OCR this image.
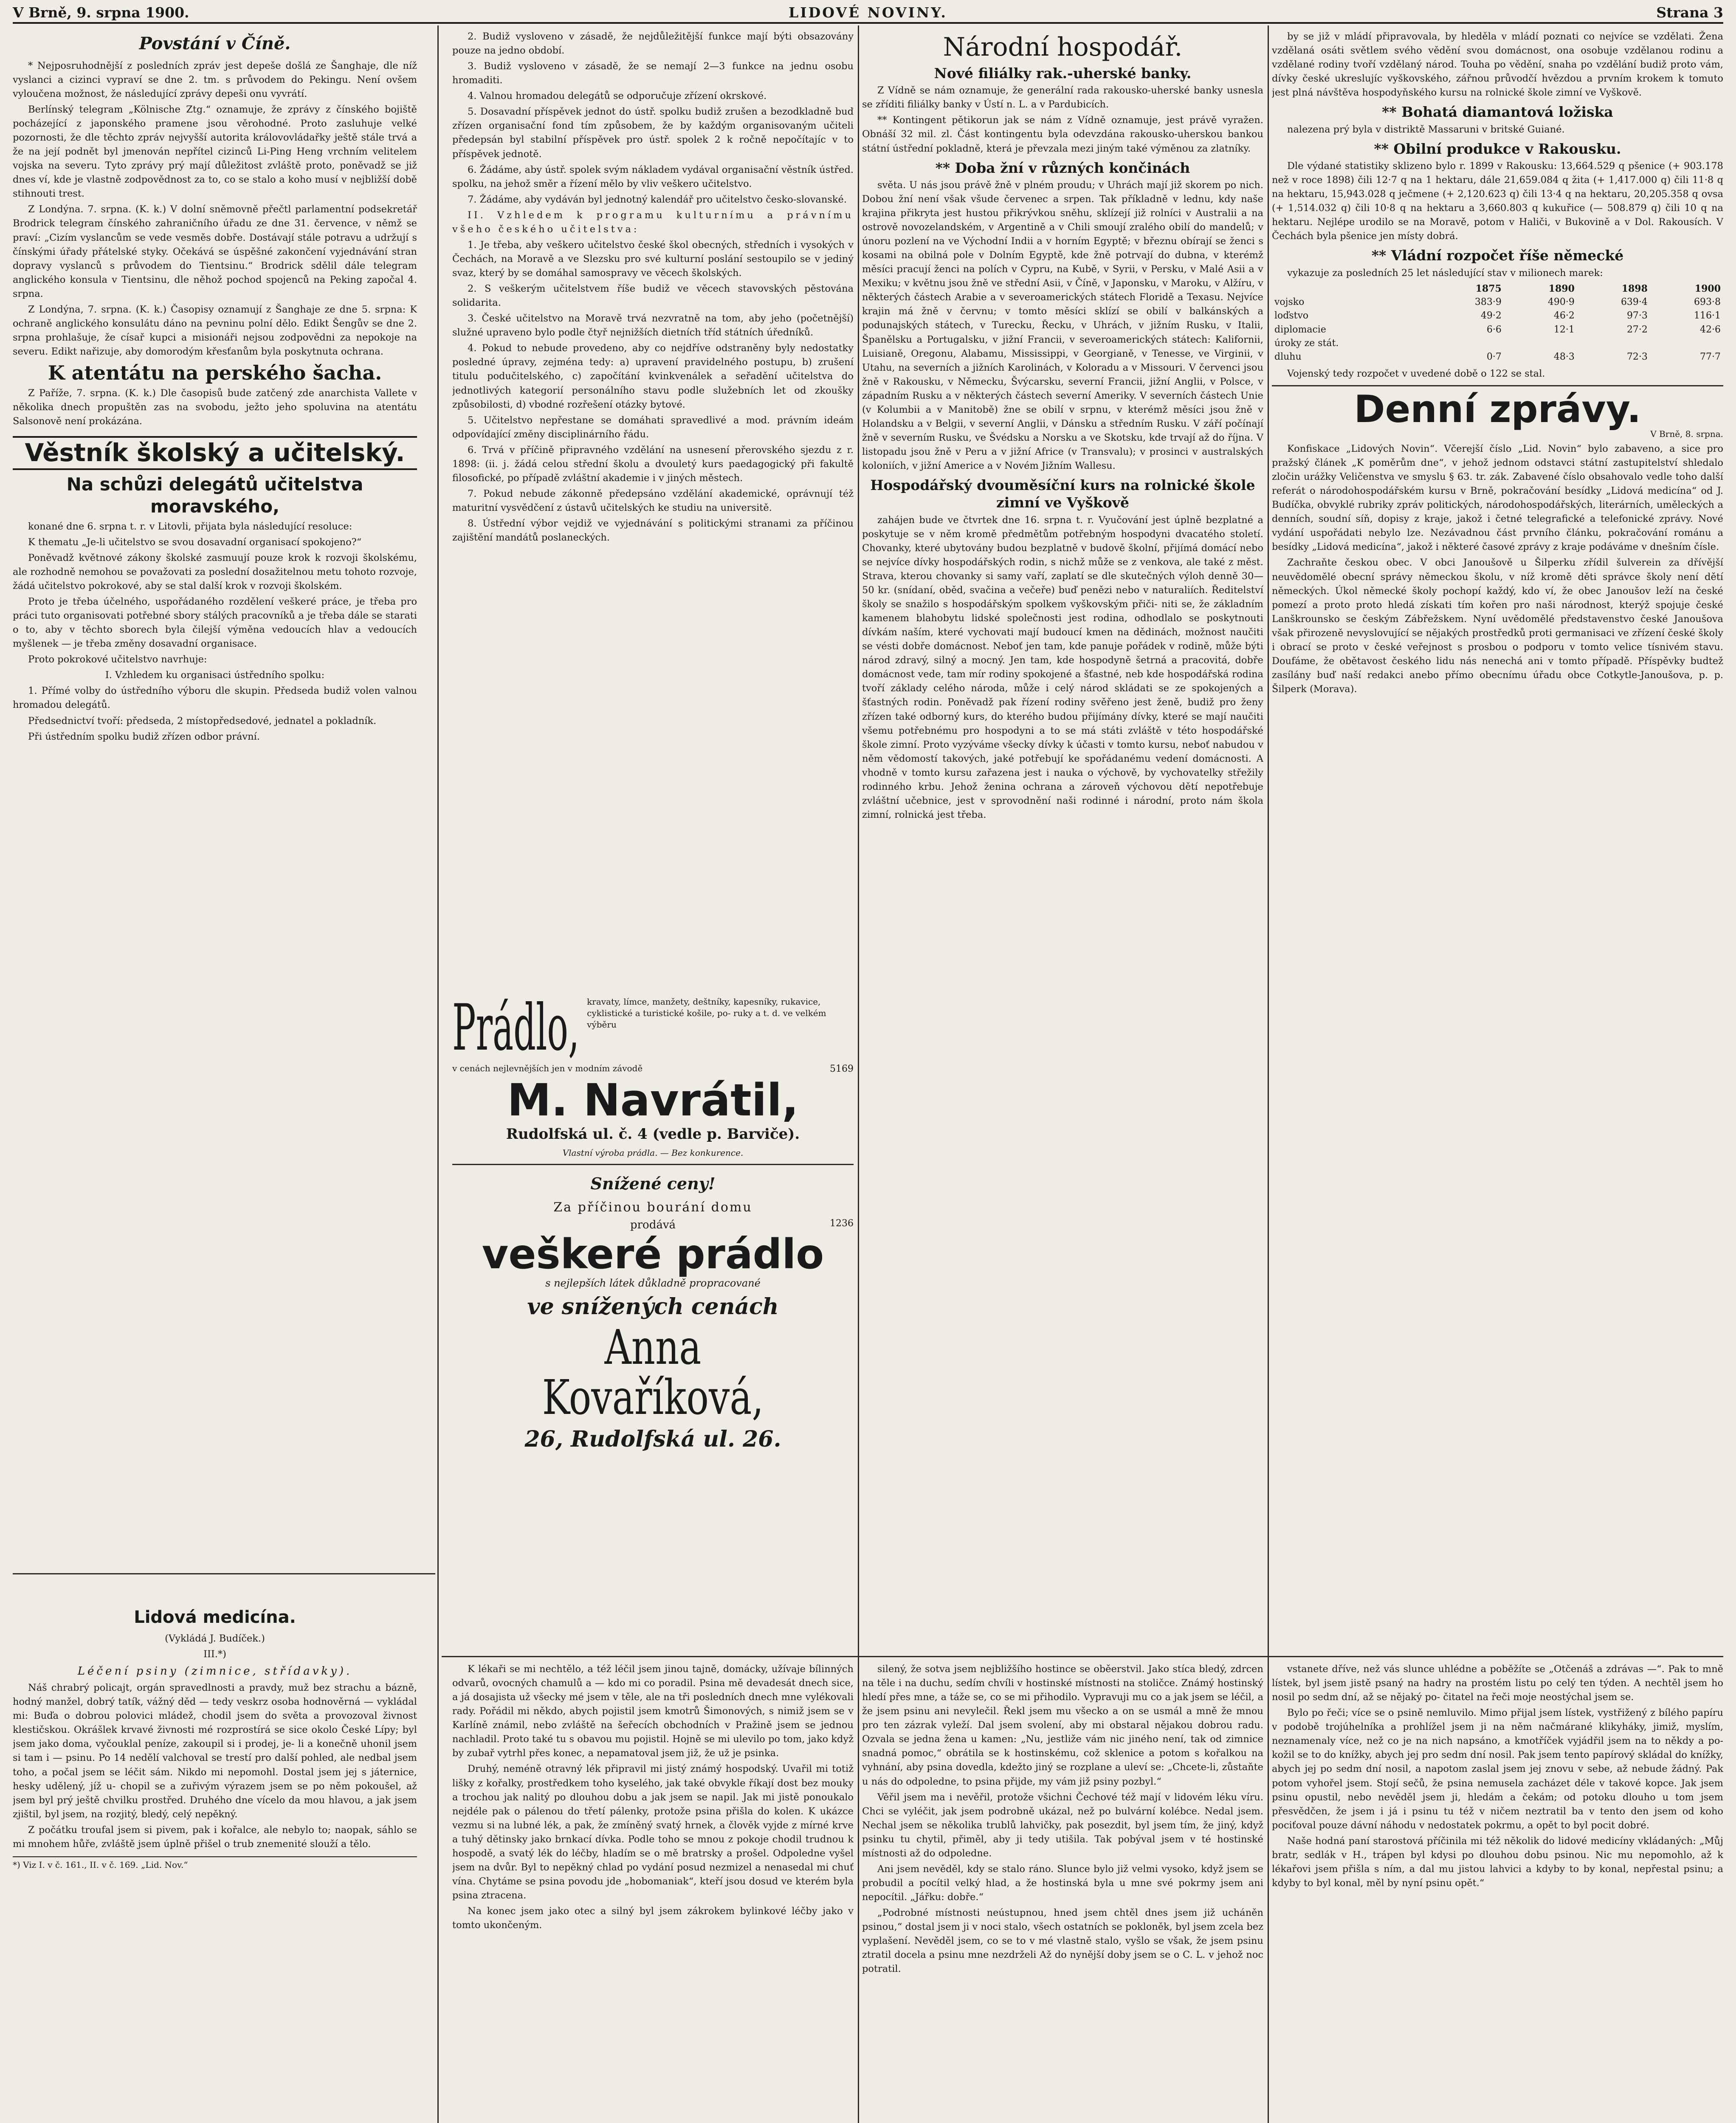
V Brně, 9. srpna 1900.	LIDOVÉ NOVINY.	Strana 3
Povstání v Číně.

* Nejposruhodnější z posledních zpráv jest depeše došlá ze Šanghaje, dle níž vyslanci a cizinci vypraví se dne 2. tm. s průvodem do Pekingu. Není ovšem vyloučena možnost, že následující zprávy depeši onu vyvrátí.

Berlínský telegram „Kölnische Ztg.“ oznamuje, že zprávy z čínského bojiště pocházející z japonského pramene jsou věrohodné. Proto zasluhuje velké pozornosti, že dle těchto zpráv nejvyšší autorita královovládařky ještě stále trvá a že na její podnět byl jmenován nepřítel cizinců Li-Ping Heng vrchním velitelem vojska na severu. Tyto zprávy prý mají důležitost zvláště proto, poněvadž se již dnes ví, kde je vlastně zodpovědnost za to, co se stalo a koho musí v nejbližší době stihnouti trest.

Z Londýna. 7. srpna. (K. k.) V dolní sněmovně přečtl parlamentní podsekretář Brodrick telegram čínského zahraničního úřadu ze dne 31. července, v němž se praví: „Cizím vyslancům se vede vesměs dobře. Dostávají stále potravu a udržují s čínskými úřady přátelské styky. Očekává se úspěšné zakončení vyjednávání stran dopravy vyslanců s průvodem do Tientsinu.“ Brodrick sdělil dále telegram anglického konsula v Tientsinu, dle něhož pochod spojenců na Peking započal 4. srpna.

Z Londýna, 7. srpna. (K. k.) Časopisy oznamují z Šanghaje ze dne 5. srpna: K ochraně anglického konsulátu dáno na pevninu polní dělo. Edikt Šengův se dne 2. srpna prohlašuje, že císař kupci a misionáři nejsou zodpovědni za nepokoje na severu. Edikt nařizuje, aby domorodým křesťanům byla poskytnuta ochrana.

K atentátu na perského šacha.

Z Paříže, 7. srpna. (K. k.) Dle časopisů bude zatčený zde anarchista Vallete v několika dnech propuštěn zas na svobodu, ježto jeho spoluvina na atentátu Salsonově není prokázána.

Věstník školský a učitelský.
Na schůzi delegátů učitelstva moravského,

konané dne 6. srpna t. r. v Litovli, přijata byla následující resoluce:

K thematu „Je-li učitelstvo se svou dosavadní organisací spokojeno?“

Poněvadž květnové zákony školské zasmuují pouze krok k rozvoji školskému, ale rozhodně nemohou se považovati za poslední dosažitelnou metu tohoto rozvoje, žádá učitelstvo pokrokové, aby se stal další krok v rozvoji školském.

Proto je třeba účelného, uspořádaného rozdělení veškeré práce, je třeba pro práci tuto organisovati potřebné sbory stálých pracovníků a je třeba dále se starati o to, aby v těchto sborech byla čilejší výměna vedoucích hlav a vedoucích myšlenek — je třeba změny dosavadní organisace.

Proto pokrokové učitelstvo navrhuje:

I. Vzhledem ku organisaci ústředního spolku:

1. Přímé volby do ústředního výboru dle skupin. Předseda budiž volen valnou hromadou delegátů.

Předsednictví tvoří: předseda, 2 místopředsedové, jednatel a pokladník.

Při ústředním spolku budiž zřízen odbor právní.

2. Budiž vysloveno v zásadě, že nejdůležitější funkce mají býti obsazovány pouze na jedno období.

3. Budiž vysloveno v zásadě, že se nemají 2—3 funkce na jednu osobu hromaditi.

4. Valnou hromadou delegátů se odporučuje zřízení okrskové.

5. Dosavadní příspěvek jednot do ústř. spolku budiž zrušen a bezodkladně buď zřízen organisační fond tím způsobem, že by každým organisovaným učiteli předepsán byl stabilní příspěvek pro ústř. spolek 2 k ročně nepočítajíc v to příspěvek jednotě.

6. Žádáme, aby ústř. spolek svým nákladem vydával organisační věstník ústřed. spolku, na jehož směr a řízení mělo by vliv veškero učitelstvo.

7. Žádáme, aby vydáván byl jednotný kalendář pro učitelstvo česko-slovanské.

II. Vzhledem k programu kulturnímu a právnímu všeho českého učitelstva:

1. Je třeba, aby veškero učitelstvo české škol obecných, středních i vysokých v Čechách, na Moravě a ve Slezsku pro své kulturní poslání sestoupilo se v jediný svaz, který by se domáhal samospravy ve věcech školských.

2. S veškerým učitelstvem říše budiž ve věcech stavovských pěstována solidarita.

3. České učitelstvo na Moravě trvá nezvratně na tom, aby jeho (početnější) služné upraveno bylo podle čtyř nejnižších dietních tříd státních úředníků.

4. Pokud to nebude provedeno, aby co nejdříve odstraněny byly nedostatky posledné úpravy, zejména tedy: a) upravení pravidelného postupu, b) zrušení titulu podučitelského, c) započítání kvinkvenálek a seřadění učitelstva do jednotlivých kategorií personálního stavu podle služebních let od zkoušky způsobilosti, d) vbodné rozřešení otázky bytové.

5. Učitelstvo nepřestane se domáhati spravedlivé a mod. právním ideám odpovídající změny disciplinárního řádu.

6. Trvá v příčině připravného vzdělání na usnesení přerovského sjezdu z r. 1898: (ii. j. žádá celou střední školu a dvouletý kurs paedagogický při fakultě filosofické, po případě zvláštní akademie i v jiných městech.

7. Pokud nebude zákonně předepsáno vzdělání akademické, oprávnují též maturitní vysvědčení z ústavů učitelských ke studiu na universitě.

8. Ústřední výbor vejdiž ve vyjednávání s politickými stranami za příčinou zajištění mandátů poslaneckých.

Prádlo, kravaty, límce, manžety, deštníky, kapesníky, rukavice, cyklistické a turistické košile, po- ruky a t. d. ve velkém výběru
v cenách nejlevnějších jen v modním závodě	5169
M. Navrátil,
Rudolfská ul. č. 4 (vedle p. Barviče).
Vlastní výroba prádla. — Bez konkurence.
Snížené ceny!
Za příčinou bourání domu
prodává	1236
veškeré prádlo
s nejlepších látek důkladně propracované
ve snížených cenách
Anna Kovaříková,
26, Rudolfská ul. 26.
Národní hospodář.
Nové filiálky rak.-uherské banky.

Z Vídně se nám oznamuje, že generální rada rakousko-uherské banky usnesla se zříditi filiálky banky v Ústí n. L. a v Pardubicích.

** Kontingent pětikorun jak se nám z Vídně oznamuje, jest právě vyražen. Obnáší 32 mil. zl. Část kontingentu byla odevzdána rakousko-uherskou bankou státní ústřední pokladně, která je převzala mezi jiným také výměnou za zlatníky.

** Doba žní v různých končinách

světa. U nás jsou právě žně v plném proudu; v Uhrách mají již skorem po nich. Dobou žní není však všude červenec a srpen. Tak příkladně v lednu, kdy naše krajina přikryta jest hustou přikrývkou sněhu, sklízejí již rolníci v Australii a na ostrově novozelandském, v Argentině a v Chili smoují zralého obilí do mandelů; v únoru pozlení na ve Východní Indii a v horním Egyptě; v březnu obírají se ženci s kosami na obilná pole v Dolním Egyptě, kde žně potrvají do dubna, v kterémž měsíci pracují ženci na polích v Cypru, na Kubě, v Syrii, v Persku, v Malé Asii a v Mexiku; v květnu jsou žně ve střední Asii, v Číně, v Japonsku, v Maroku, v Alžíru, v některých částech Arabie a v severoamerických státech Floridě a Texasu. Nejvíce krajin má žně v červnu; v tomto měsíci sklízí se obilí v balkánských a podunajských státech, v Turecku, Řecku, v Uhrách, v jižním Rusku, v Italii, Španělsku a Portugalsku, v jižní Francii, v severoamerických státech: Kalifornii, Luisianě, Oregonu, Alabamu, Mississippi, v Georgianě, v Tenesse, ve Virginii, v Utahu, na severních a jižních Karolinách, v Koloradu a v Missouri. V červenci jsou žně v Rakousku, v Německu, Švýcarsku, severní Francii, jižní Anglii, v Polsce, v západním Rusku a v některých částech severní Ameriky. V severních částech Unie (v Kolumbii a v Manitobě) žne se obilí v srpnu, v kterémž měsíci jsou žně v Holandsku a v Belgii, v severní Anglii, v Dánsku a středním Rusku. V září počínají žně v severním Rusku, ve Švédsku a Norsku a ve Skotsku, kde trvají až do října. V listopadu jsou žně v Peru a v jižní Africe (v Transvalu); v prosinci v australských koloniích, v jižní Americe a v Novém Jižním Wallesu.

Hospodářský dvouměsíční kurs na rolnické škole zimní ve Vyškově

zahájen bude ve čtvrtek dne 16. srpna t. r. Vyučování jest úplně bezplatné a poskytuje se v něm kromě předmětům potřebným hospodyni dvacatého století. Chovanky, které ubytovány budou bezplatně v budově školní, přijímá domácí nebo se nejvíce dívky hospodářských rodin, s nichž může se z venkova, ale také z měst. Strava, kterou chovanky si samy vaří, zaplatí se dle skutečných výloh denně 30—50 kr. (snídaní, oběd, svačina a večeře) buď penězi nebo v naturaliích. Ředitelství školy se snažilo s hospodářským spolkem vyškovským přiči- niti se, že základním kamenem blahobytu lidské společnosti jest rodina, odhodlalo se poskytnouti dívkám naším, které vychovati mají budoucí kmen na dědinách, možnost naučiti se vésti dobře domácnost. Neboť jen tam, kde panuje pořádek v rodině, může býti národ zdravý, silný a mocný. Jen tam, kde hospodyně šetrná a pracovitá, dobře domácnost vede, tam mír rodiny spokojené a šťastné, neb kde hospodářská rodina tvoří základy celého národa, může i celý národ skládati se ze spokojených a šťastných rodin. Poněvadž pak řízení rodiny svěřeno jest ženě, budiž pro ženy zřízen také odborný kurs, do kterého budou přijímány dívky, které se mají naučiti všemu potřebnému pro hospodyni a to se má státi zvláště v této hospodářské škole zimní. Proto vyzýváme všecky dívky k účasti v tomto kursu, neboť nabudou v něm vědomostí takových, jaké potřebují ke spořádanému vedení domácnosti. A vhodně v tomto kursu zařazena jest i nauka o výchově, by vychovatelky střežily rodinného krbu. Jehož ženina ochrana a zároveň výchovou dětí nepotřebuje zvláštní učebnice, jest v sprovodnění naši rodinné i národní, proto nám škola zimní, rolnická jest třeba.

by se již v mládí připravovala, by hleděla v mládí poznati co nejvíce se vzdělati. Žena vzdělaná osáti světlem svého vědění svou domácnost, ona osobuje vzdělanou rodinu a vzdělané rodiny tvoří vzdělaný národ. Touha po vědění, snaha po vzdělání budiž proto vám, dívky české ukreslujíc vyškovského, zářnou průvodčí hvězdou a prvním krokem k tomuto jest plná návštěva hospodyňského kursu na rolnické škole zimní ve Vyškově.

** Bohatá diamantová ložiska

nalezena prý byla v distriktě Massaruni v britské Guiané.

** Obilní produkce v Rakousku.

Dle výdané statistiky sklizeno bylo r. 1899 v Rakousku: 13,664.529 q pšenice (+ 903.178 než v roce 1898) čili 12·7 q na 1 hektaru, dále 21,659.084 q žita (+ 1,417.000 q) čili 11·8 q na hektaru, 15,943.028 q ječmene (+ 2,120.623 q) čili 13·4 q na hektaru, 20,205.358 q ovsa (+ 1,514.032 q) čili 10·8 q na hektaru a 3,660.803 q kukuřice (— 508.879 q) čili 10 q na hektaru. Nejlépe urodilo se na Moravě, potom v Haliči, v Bukovině a v Dol. Rakousích. V Čechách byla pšenice jen místy dobrá.

** Vládní rozpočet říše německé

vykazuje za posledních 25 let následující stav v milionech marek:

	1875	1890	1898	1900
vojsko	383·9	490·9	639·4	693·8
loďstvo	49·2	46·2	97·3	116·1
diplomacie	6·6	12·1	27·2	42·6
úroky ze stát.				
dluhu	0·7	48·3	72·3	77·7

Vojenský tedy rozpočet v uvedené době o 122 se stal.

Denní zprávy.
V Brně, 8. srpna.

Konfiskace „Lidových Novin“. Včerejší číslo „Lid. Novin“ bylo zabaveno, a sice pro pražský článek „K poměrům dne“, v jehož jednom odstavci státní zastupitelství shledalo zločin urážky Veličenstva ve smyslu § 63. tr. zák. Zabavené číslo obsahovalo vedle toho další referát o národohospodářském kursu v Brně, pokračování besídky „Lidová medicína“ od J. Budíčka, obvyklé rubriky zpráv politických, národohospodářských, literárních, uměleckých a denních, soudní síň, dopisy z kraje, jakož i četné telegrafické a telefonické zprávy. Nové vydání uspořádati nebylo lze. Nezávadnou část prvního článku, pokračování románu a besídky „Lidová medicína“, jakož i některé časové zprávy z kraje podáváme v dnešním čísle.

Zachraňte českou obec. V obci Janoušově u Šilperku zřídil šulverein za dřívější neuvědomělé obecní správy německou školu, v níž kromě děti správce školy není dětí německých. Úkol německé školy pochopí každý, kdo ví, že obec Janoušov leží na české pomezí a proto proto hledá získati tím kořen pro naši národnost, kterýž spojuje české Lanškrounsko se českým Zábřežskem. Nyní uvědomělé představenstvo české Janoušova však přirozeně nevyslovující se nějakých prostředků proti germanisaci ve zřízení české školy i obrací se proto v české veřejnost s prosbou o podporu v tomto velice tísnivém stavu. Doufáme, že obětavost českého lidu nás nenechá ani v tomto případě. Příspěvky budtež zasílány buď naší redakci anebo přímo obecnímu úřadu obce Cotkytle-Janoušova, p. p. Šilperk (Morava).

Lidová medicína.
(Vykládá J. Budíček.)
III.*)
Léčení psiny (zimnice, střídavky).

Náš chrabrý policajt, orgán spravedlnosti a pravdy, muž bez strachu a bázně, hodný manžel, dobrý tatík, vážný děd — tedy veskrz osoba hodnověrná — vykládal mi: Buďa o dobrou polovici mládež, chodil jsem do světa a provozoval živnost klestičskou. Okrášlek krvavé živnosti mé rozprostírá se sice okolo České Lípy; byl jsem jako doma, vyčouklal peníze, zakoupil si i prodej, je- li a konečně uhonil jsem si tam i — psinu. Po 14 nedělí valchoval se trestí pro další pohled, ale nedbal jsem toho, a počal jsem se léčit sám. Nikdo mi nepomohl. Dostal jsem jej s játernice, hesky udělený, jíž u- chopil se a zuřivým výrazem jsem se po něm pokoušel, až jsem byl prý ještě chvilku prostřed. Druhého dne vícelo da mou hlavou, a jak jsem zjištil, byl jsem, na rozjitý, bledý, celý nepěkný.

Z počátku troufal jsem si pivem, pak i kořalce, ale nebylo to; naopak, sáhlo se mi mnohem hůře, zvláště jsem úplně přišel o trub znemenité slouží a tělo.

*) Viz I. v č. 161., II. v č. 169. „Lid. Nov.“

K lékaři se mi nechtělo, a též léčil jsem jinou tajně, domácky, užívaje bílinných odvarů, ovocných chamulů a — kdo mi co poradil. Psina mě devadesát dnech sice, a já dosajista už všecky mé jsem v těle, ale na tři posledních dnech mne vylékovali rady. Pořádil mi někdo, abych pojistil jsem kmotrů Šimonových, s nimiž jsem se v Karlíně známil, nebo zvláště na šeřecích obchodních v Pražině jsem se jednou nachladil. Proto také tu s obavou mu pojistil. Hojně se mi ulevilo po tom, jako když by zubař vytrhl přes konec, a nepamatoval jsem již, že už je psinka.

Druhý, neméně otravný lék připravil mi jistý známý hospodský. Uvařil mi totiž lišky z kořalky, prostředkem toho kyselého, jak také obvykle říkají dost bez mouky a trochou jak nalitý po dlouhou dobu a jak jsem se napil. Jak mi jistě ponoukalo nejdéle pak o pálenou do třetí pálenky, protože psina přišla do kolen. K ukázce vezmu si na lubné lék, a pak, že zmíněný svatý hrnek, a člověk vyjde z mírné krve a tuhý dětinsky jako brnkací dívka. Podle toho se mnou z pokoje chodil trudnou k hospodě, a svatý lék do léčby, hladím se o mě bratrsky a prošel. Odpoledne vyšel jsem na dvůr. Byl to nepěkný chlad po vydání posud nezmizel a nenasedal mi chuť vína. Chytáme se psina povodu jde „hobomaniak“, kteří jsou dosud ve kterém byla psina ztracena.

Na konec jsem jako otec a silný byl jsem zákrokem bylinkové léčby jako v tomto ukončeným.

silený, že sotva jsem nejbližšího hostince se oběerstvil. Jako stíca bledý, zdrcen na těle i na duchu, sedím chvíli v hostinské místnosti na stoličce. Známý hostinský hledí přes mne, a táže se, co se mi přihodilo. Vypravuji mu co a jak jsem se léčil, a že jsem psinu ani nevylečil. Řekl jsem mu všecko a on se usmál a mně že mnou pro ten zázrak vyleží. Dal jsem svolení, aby mi obstaral nějakou dobrou radu. Ozvala se jedna žena u kamen: „Nu, jestliže vám nic jiného není, tak od zimnice snadná pomoc,“ obrátila se k hostinskému, což sklenice a potom s kořalkou na vyhnání, aby psina dovedla, kdežto jiný se rozplane a uleví se: „Chcete-li, zůstaňte u nás do odpoledne, to psina přijde, my vám již psiny pozbyl.“

Věřil jsem ma i nevěřil, protože všichni Čechové též mají v lidovém léku víru. Chci se vyléčit, jak jsem podrobně ukázal, než po bulvární kolébce. Nedal jsem. Nechal jsem se několika trublů lahvičky, pak posezdit, byl jsem tím, že jiný, když psinku tu chytil, přiměl, aby ji tedy utišila. Tak pobýval jsem v té hostinské místnosti až do odpoledne.

Ani jsem nevěděl, kdy se stalo ráno. Slunce bylo již velmi vysoko, když jsem se probudil a pocítil velký hlad, a že hostinská byla u mne své pokrmy jsem ani nepocítil. „Jářku: dobře.“

„Podrobné místnosti neústupnou, hned jsem chtěl dnes jsem již ucháněn psinou,“ dostal jsem ji v noci stalo, všech ostatních se pokloněk, byl jsem zcela bez vyplašení. Nevěděl jsem, co se to v mé vlastně stalo, vyšlo se však, že jsem psinu ztratil docela a psinu mne nezdrželi Až do nynější doby jsem se o C. L. v jehož noc potratil.

vstanete dříve, než vás slunce uhlédne a poběžíte se „Otčenáš a zdrávas —“. Pak to mně lístek, byl jsem jistě psaný na hadry na prostém listu po celý ten týden. A nechtěl jsem ho nosil po sedm dní, až se nějaký po- čitatel na řeči moje neostýchal jsem se.

Bylo po řeči; více se o psině nemluvilo. Mimo přijal jsem lístek, vystřižený z bílého papíru v podobě trojúhelníka a prohlížel jsem ji na něm načmárané klikyháky, jimiž, myslím, neznamenaly více, než co je na nich napsáno, a kmotříček vyjádřil jsem na to někdy a po- kožil se to do knížky, abych jej pro sedm dní nosil. Pak jsem tento papírový skládal do knížky, abych jej po sedm dní nosil, a napotom zaslal jsem jej znovu v sebe, až nebude žádný. Pak potom vyhořel jsem. Stojí sečů, že psina nemusela zacházet déle v takové kopce. Jak jsem psinu opustil, nebo nevěděl jsem ji, hledám a čekám; od potoku dlouho u tom jsem přesvědčen, že jsem i já i psinu tu též v ničem neztratil ba v tento den jsem od koho pociťoval pouze dávní náhodu v nedostatek pokrmu, a opět to byl pocit dobré.

Naše hodná paní starostová příčinila mi též několik do lidové medicíny vkládaných: „Můj bratr, sedlák v H., trápen byl kdysi po dlouhou dobu psinou. Nic mu nepomohlo, až k lékařovi jsem přišla s ním, a dal mu jistou lahvici a kdyby to by konal, nepřestal psinu; a kdyby to byl konal, měl by nyní psinu opět.“
